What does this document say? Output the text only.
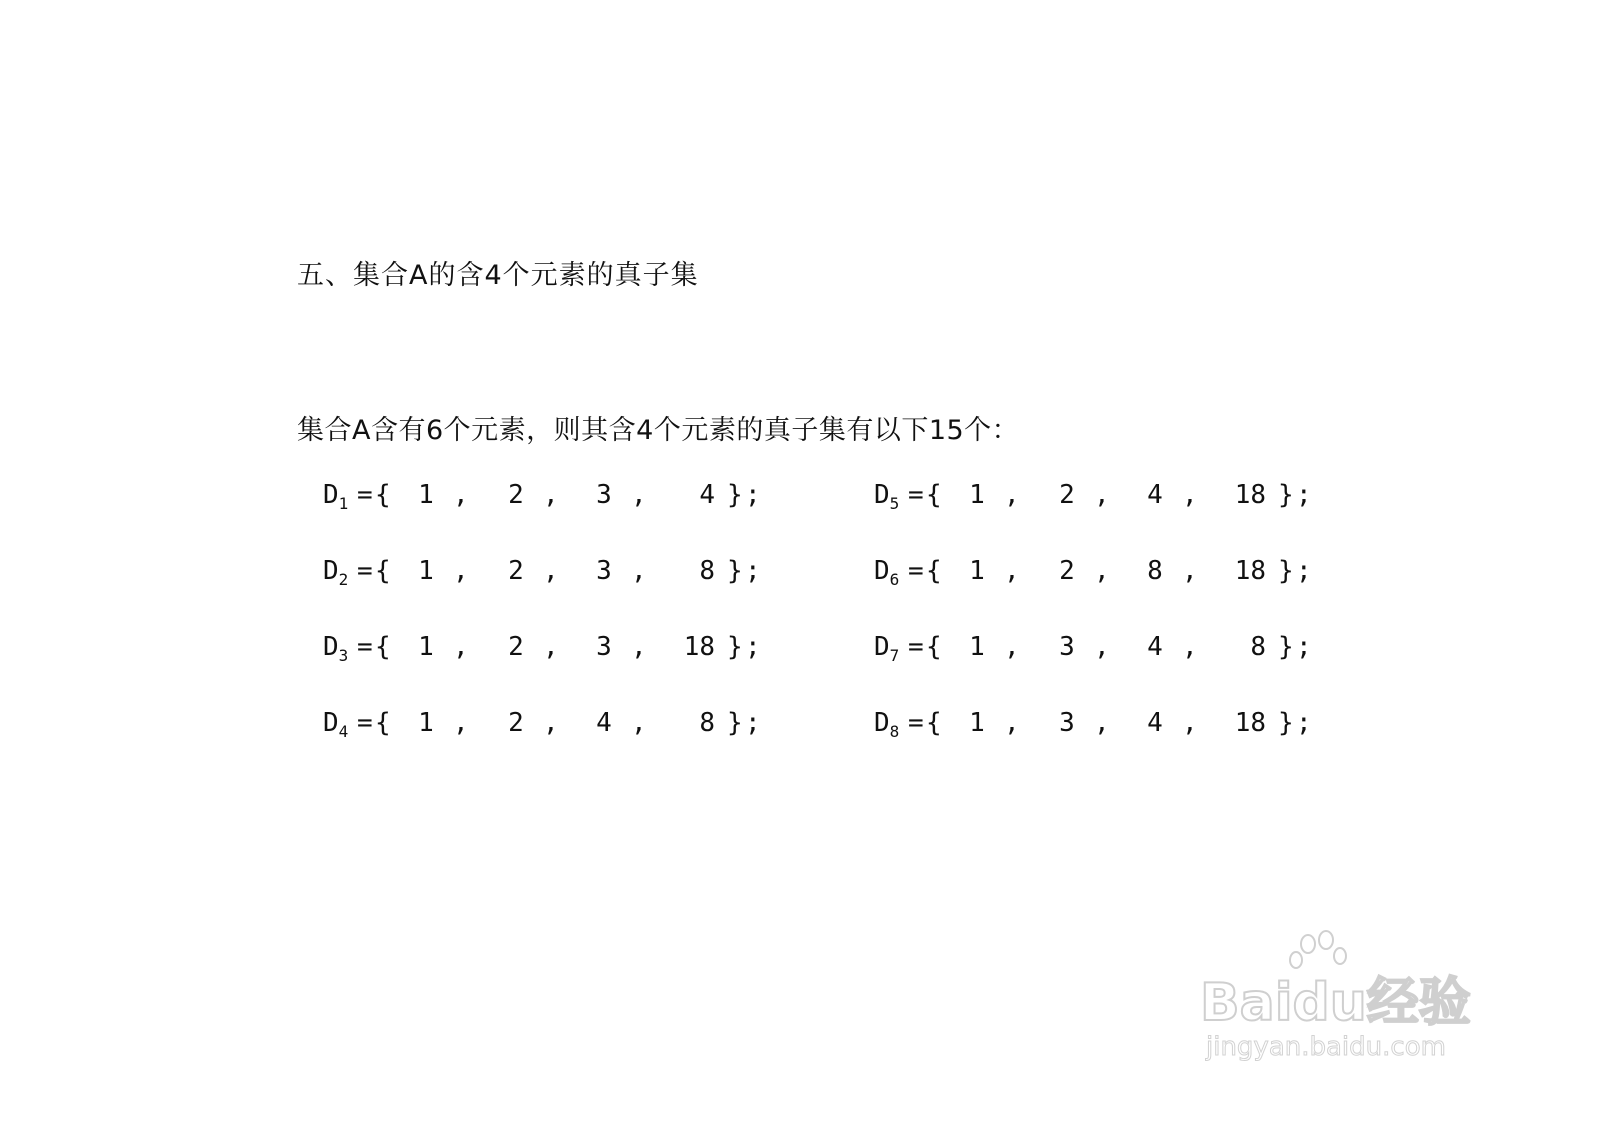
五、集合A的含4个元素的真子集
集合A含有6个元素，则其含4个元素的真子集有以下15个：
$D_1$ = { 1 , 2 , 3 ,	4 } ;
$D_2$ = { 1 , 2 , 3 ,	8 } ;
$D_3$ = { 1 , 2 , 3 ,	18 } ;
$D_4$ = { 1 , 2 , 4 ,	8 } ;
$D_5$ = { 1 , 2 , 4 ,	18 } ;
$D_6$ = { 1 , 2 , 8 ,	18 } ;
$D_7$ = { 1 , 3 , 4 ,	8 } ;
$D_8$ = { 1 , 3 , 4 ,	18 } ;
Baidu经验
jingyan.baidu.com
